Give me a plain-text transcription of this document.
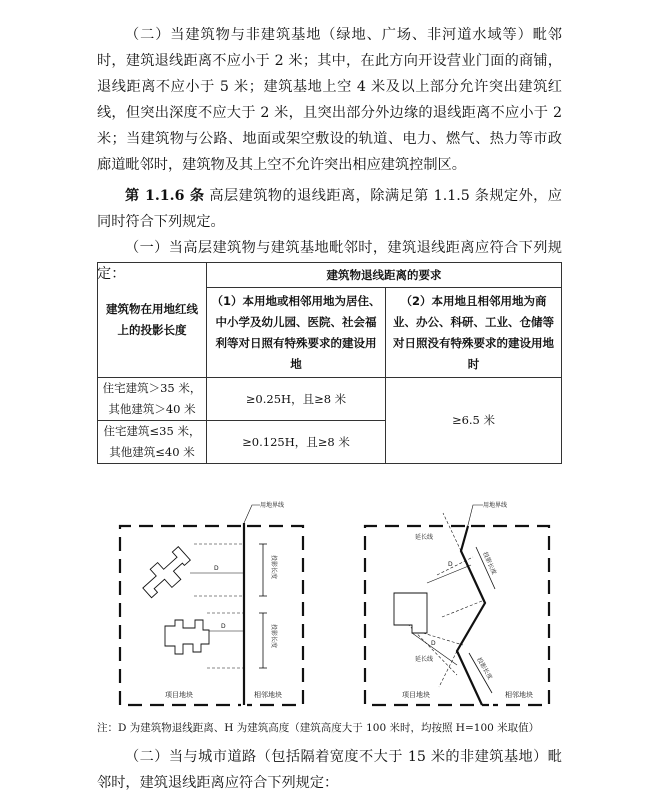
（二）当建筑物与非建筑基地（绿地、广场、非河道水域等）毗邻时，建筑退线距离不应小于 2 米；其中，在此方向开设营业门面的商铺，退线距离不应小于 5 米；建筑基地上空 4 米及以上部分允许突出建筑红线，但突出深度不应大于 2 米，且突出部分外边缘的退线距离不应小于 2 米；当建筑物与公路、地面或架空敷设的轨道、电力、燃气、热力等市政廊道毗邻时，建筑物及其上空不允许突出相应建筑控制区。
第 1.1.6 条 高层建筑物的退线距离，除满足第 1.1.5 条规定外，应同时符合下列规定。
（一）当高层建筑物与建筑基地毗邻时，建筑退线距离应符合下列规定：
建筑物在用地红线上的投影长度	建筑物退线距离的要求	
	（1）本用地或相邻用地为居住、中小学及幼儿园、医院、社会福利等对日照有特殊要求的建设用地	（2）本用地且相邻用地为商业、办公、科研、工业、仓储等对日照没有特殊要求的建设用地时
住宅建筑＞35 米，
其他建筑＞40 米	≥0.25H，且≥8 米	≥6.5 米
住宅建筑≤35 米，
其他建筑≤40 米	≥0.125H，且≥8 米	
用地界线
D
D
投影长度
投影长度
项目地块	相邻地块
用地界线
延长线
延长线
D
D
投影长度
投影长度
项目地块	相邻地块
注：D 为建筑物退线距离、H 为建筑高度（建筑高度大于 100 米时，均按照 H=100 米取值）
（二）当与城市道路（包括隔着宽度不大于 15 米的非建筑基地）毗邻时，建筑退线距离应符合下列规定：
